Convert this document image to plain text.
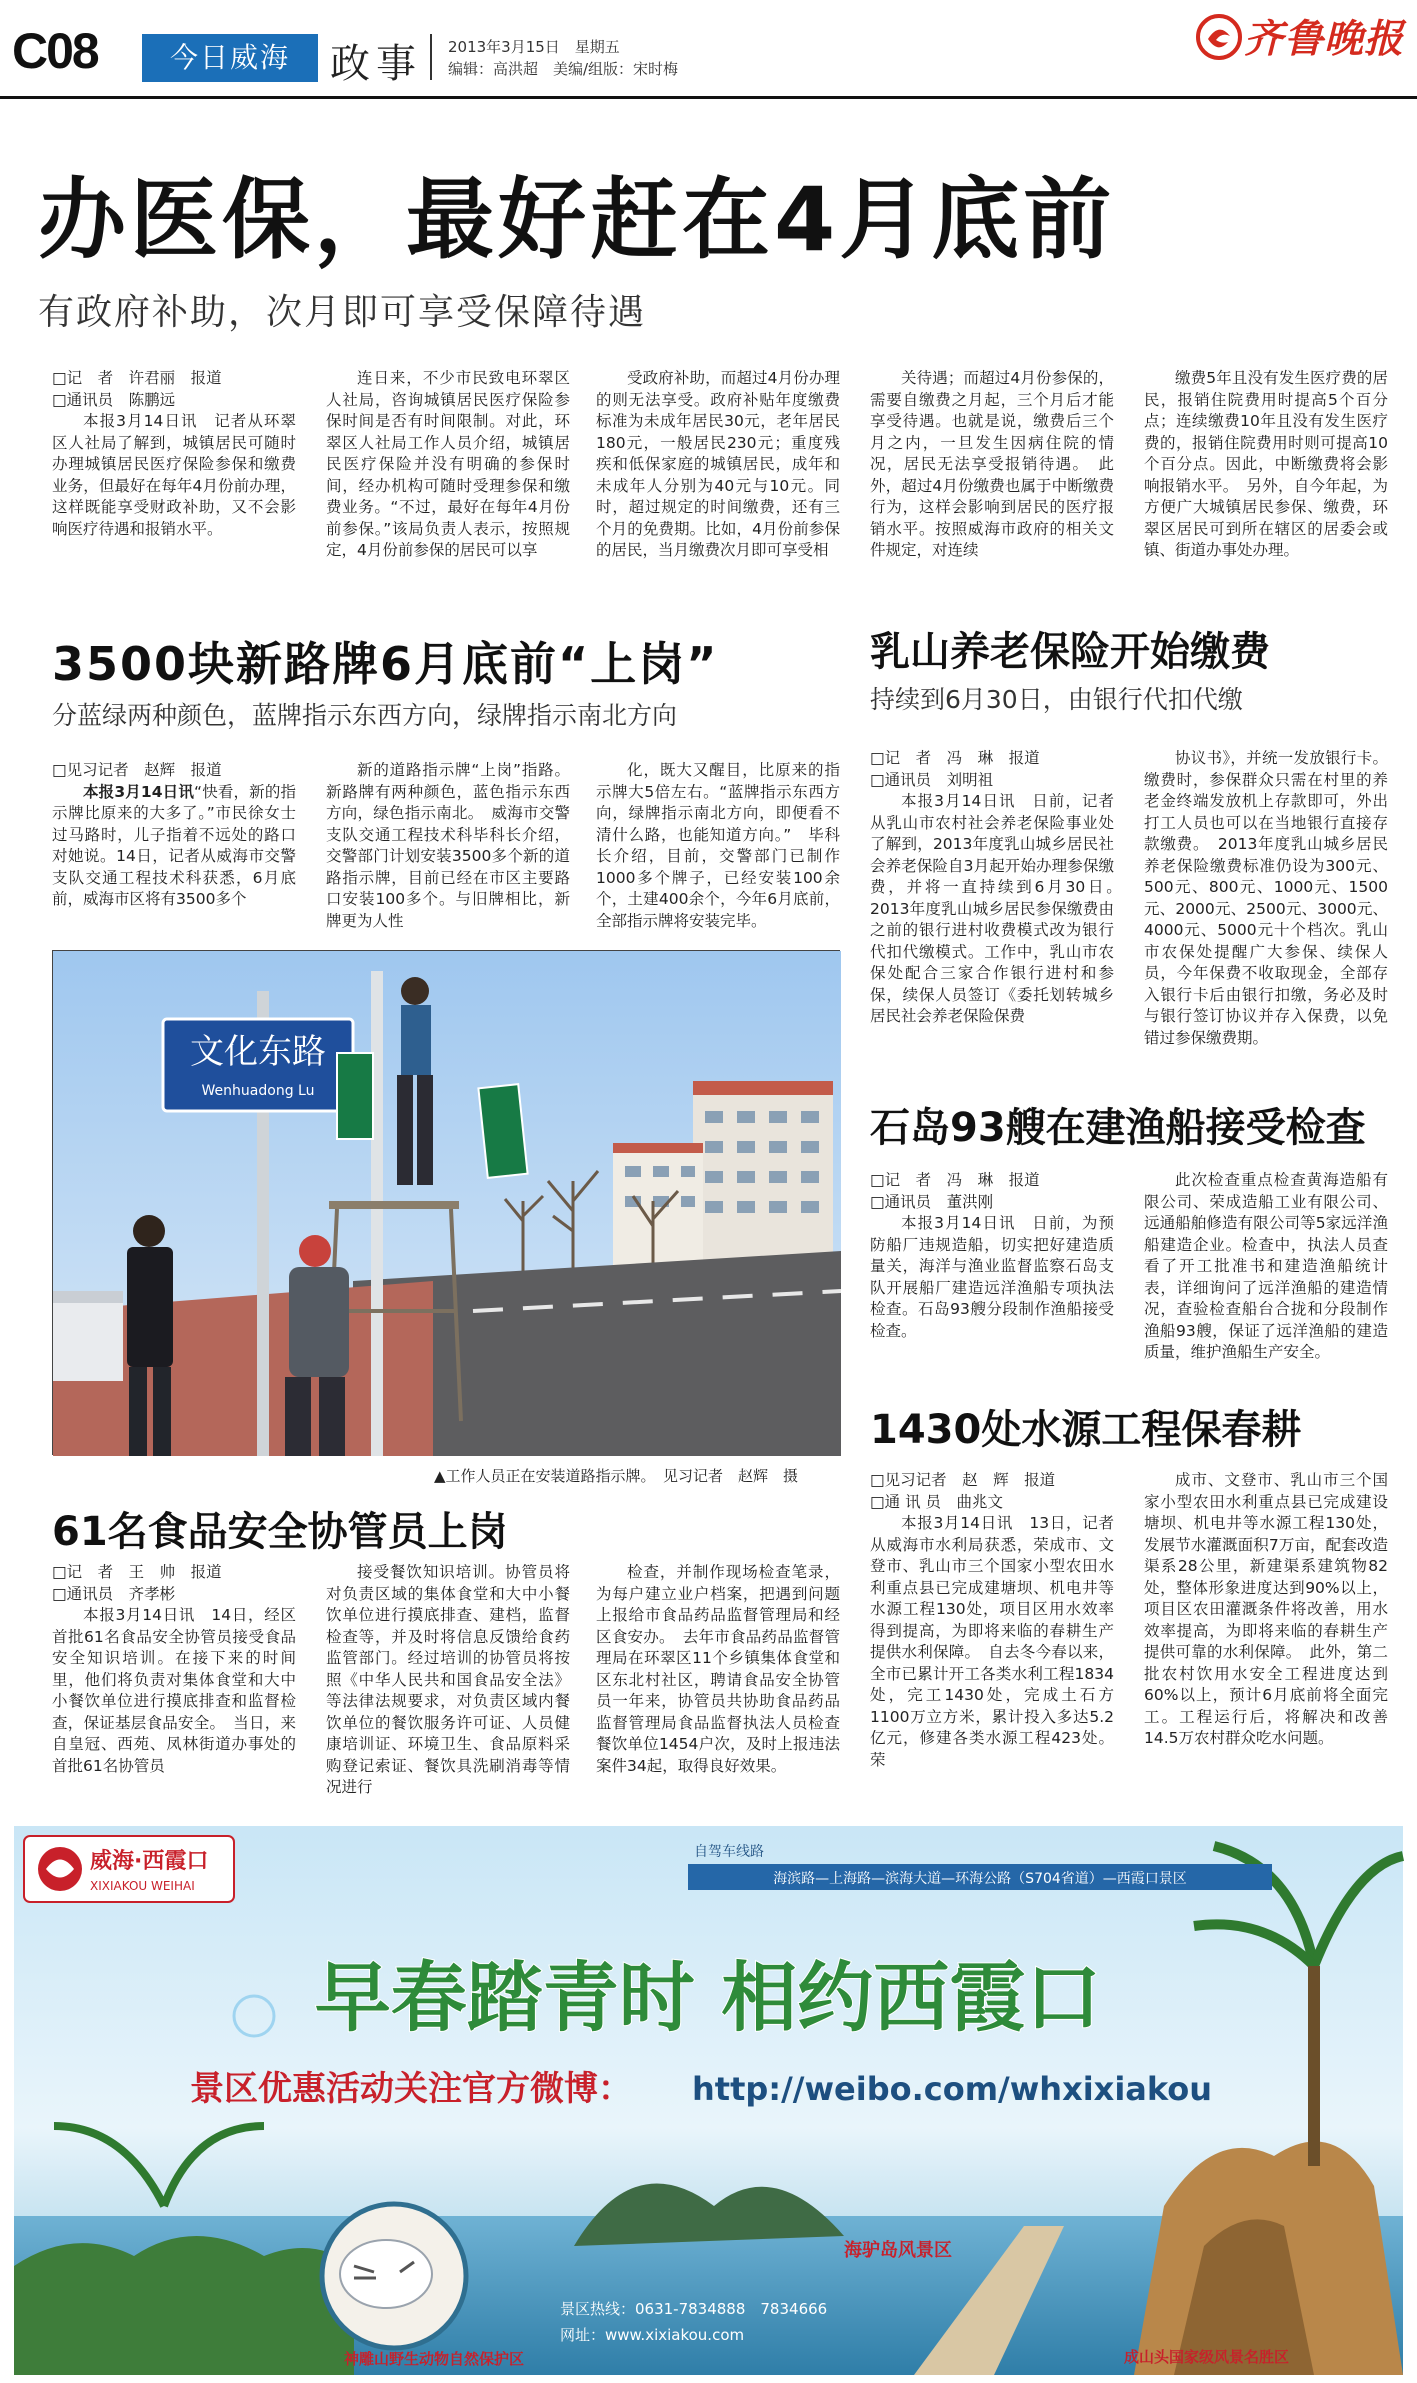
C08	今日威海	政事 2013年3月15日　星期五
编辑：高洪超　美编/组版：宋时梅
齐鲁晚报
办医保，最好赶在4月底前
有政府补助，次月即可享受保障待遇
□记　者　许君丽　报道
□通讯员　陈鹏远

本报3月14日讯　记者从环翠区人社局了解到，城镇居民可随时办理城镇居民医疗保险参保和缴费业务，但最好在每年4月份前办理，这样既能享受财政补助，又不会影响医疗待遇和报销水平。

连日来，不少市民致电环翠区人社局，咨询城镇居民医疗保险参保时间是否有时间限制。对此，环翠区人社局工作人员介绍，城镇居民医疗保险并没有明确的参保时间，经办机构可随时受理参保和缴费业务。“不过，最好在每年4月份前参保。”该局负责人表示，按照规定，4月份前参保的居民可以享

受政府补助，而超过4月份办理的则无法享受。政府补贴年度缴费标准为未成年居民30元，老年居民180元，一般居民230元；重度残疾和低保家庭的城镇居民，成年和未成年人分别为40元与10元。同时，超过规定的时间缴费，还有三个月的免费期。比如，4月份前参保的居民，当月缴费次月即可享受相

关待遇；而超过4月份参保的，需要自缴费之月起，三个月后才能享受待遇。也就是说，缴费后三个月之内，一旦发生因病住院的情况，居民无法享受报销待遇。　此外，超过4月份缴费也属于中断缴费行为，这样会影响到居民的医疗报销水平。按照威海市政府的相关文件规定，对连续

缴费5年且没有发生医疗费的居民，报销住院费用时提高5个百分点；连续缴费10年且没有发生医疗费的，报销住院费用时则可提高10个百分点。因此，中断缴费将会影响报销水平。　另外，自今年起，为方便广大城镇居民参保、缴费，环翠区居民可到所在辖区的居委会或镇、街道办事处办理。

3500块新路牌6月底前“上岗”
分蓝绿两种颜色，蓝牌指示东西方向，绿牌指示南北方向
□见习记者　赵辉　报道

本报3月14日讯“快看，新的指示牌比原来的大多了。”市民徐女士过马路时，儿子指着不远处的路口对她说。14日，记者从威海市交警支队交通工程技术科获悉，6月底前，威海市区将有3500多个

新的道路指示牌“上岗”指路。新路牌有两种颜色，蓝色指示东西方向，绿色指示南北。　威海市交警支队交通工程技术科毕科长介绍，交警部门计划安装3500多个新的道路指示牌，目前已经在市区主要路口安装100多个。与旧牌相比，新牌更为人性

化，既大又醒目，比原来的指示牌大5倍左右。“蓝牌指示东西方向，绿牌指示南北方向，即便看不清什么路，也能知道方向。”　毕科长介绍，目前，交警部门已制作1000多个牌子，已经安装100余个，土建400余个，今年6月底前，全部指示牌将安装完毕。

文化东路
Wenhuadong Lu
▲工作人员正在安装道路指示牌。　见习记者　赵辉　摄
61名食品安全协管员上岗
□记　者　王　帅　报道
□通讯员　齐孝彬

本报3月14日讯　14日，经区首批61名食品安全协管员接受食品安全知识培训。在接下来的时间里，他们将负责对集体食堂和大中小餐饮单位进行摸底排查和监督检查，保证基层食品安全。　当日，来自皇冠、西苑、凤林街道办事处的首批61名协管员

接受餐饮知识培训。协管员将对负责区域的集体食堂和大中小餐饮单位进行摸底排查、建档，监督检查等，并及时将信息反馈给食药监管部门。经过培训的协管员将按照《中华人民共和国食品安全法》等法律法规要求，对负责区域内餐饮单位的餐饮服务许可证、人员健康培训证、环境卫生、食品原料采购登记索证、餐饮具洗刷消毒等情况进行

检查，并制作现场检查笔录，为每户建立业户档案，把遇到问题上报给市食品药品监督管理局和经区食安办。　去年市食品药品监督管理局在环翠区11个乡镇集体食堂和区东北村社区，聘请食品安全协管员一年来，协管员共协助食品药品监督管理局食品监督执法人员检查餐饮单位1454户次，及时上报违法案件34起，取得良好效果。

乳山养老保险开始缴费
持续到6月30日，由银行代扣代缴
□记　者　冯　琳　报道
□通讯员　刘明祖

本报3月14日讯　日前，记者从乳山市农村社会养老保险事业处了解到，2013年度乳山城乡居民社会养老保险自3月起开始办理参保缴费，并将一直持续到6月30日。　2013年度乳山城乡居民参保缴费由之前的银行进村收费模式改为银行代扣代缴模式。工作中，乳山市农保处配合三家合作银行进村和参保，续保人员签订《委托划转城乡居民社会养老保险保费

协议书》，并统一发放银行卡。缴费时，参保群众只需在村里的养老金终端发放机上存款即可，外出打工人员也可以在当地银行直接存款缴费。　2013年度乳山城乡居民养老保险缴费标准仍设为300元、500元、800元、1000元、1500元、2000元、2500元、3000元、4000元、5000元十个档次。乳山市农保处提醒广大参保、续保人员，今年保费不收取现金，全部存入银行卡后由银行扣缴，务必及时与银行签订协议并存入保费，以免错过参保缴费期。

石岛93艘在建渔船接受检查
□记　者　冯　琳　报道
□通讯员　董洪刚

本报3月14日讯　日前，为预防船厂违规造船，切实把好建造质量关，海洋与渔业监督监察石岛支队开展船厂建造远洋渔船专项执法检查。石岛93艘分段制作渔船接受检查。

此次检查重点检查黄海造船有限公司、荣成造船工业有限公司、远通船舶修造有限公司等5家远洋渔船建造企业。检查中，执法人员查看了开工批准书和建造渔船统计表，详细询问了远洋渔船的建造情况，查验检查船台合拢和分段制作渔船93艘，保证了远洋渔船的建造质量，维护渔船生产安全。

1430处水源工程保春耕
□见习记者　赵　辉　报道
□通 讯 员　曲兆文

本报3月14日讯　13日，记者从威海市水利局获悉，荣成市、文登市、乳山市三个国家小型农田水利重点县已完成建塘坝、机电井等水源工程130处，项目区用水效率得到提高，为即将来临的春耕生产提供水利保障。　自去冬今春以来，全市已累计开工各类水利工程1834处，完工1430处，完成土石方1100万立方米，累计投入多达5.2亿元，修建各类水源工程423处。荣

成市、文登市、乳山市三个国家小型农田水利重点县已完成建设塘坝、机电井等水源工程130处，发展节水灌溉面积7万亩，配套改造渠系28公里，新建渠系建筑物82处，整体形象进度达到90%以上，项目区农田灌溉条件将改善，用水效率提高，为即将来临的春耕生产提供可靠的水利保障。　此外，第二批农村饮用水安全工程进度达到60%以上，预计6月底前将全面完工。工程运行后，将解决和改善14.5万农村群众吃水问题。

威海·西霞口
XIXIAKOU WEIHAI
自驾车线路
海滨路—上海路—滨海大道—环海公路（S704省道）—西霞口景区
早春踏青时 相约西霞口
景区优惠活动关注官方微博： http://weibo.com/whxixiakou
海驴岛风景区
成山头国家级风景名胜区
神雕山野生动物自然保护区
景区热线：0631-7834888　7834666
网址：www.xixiakou.com
